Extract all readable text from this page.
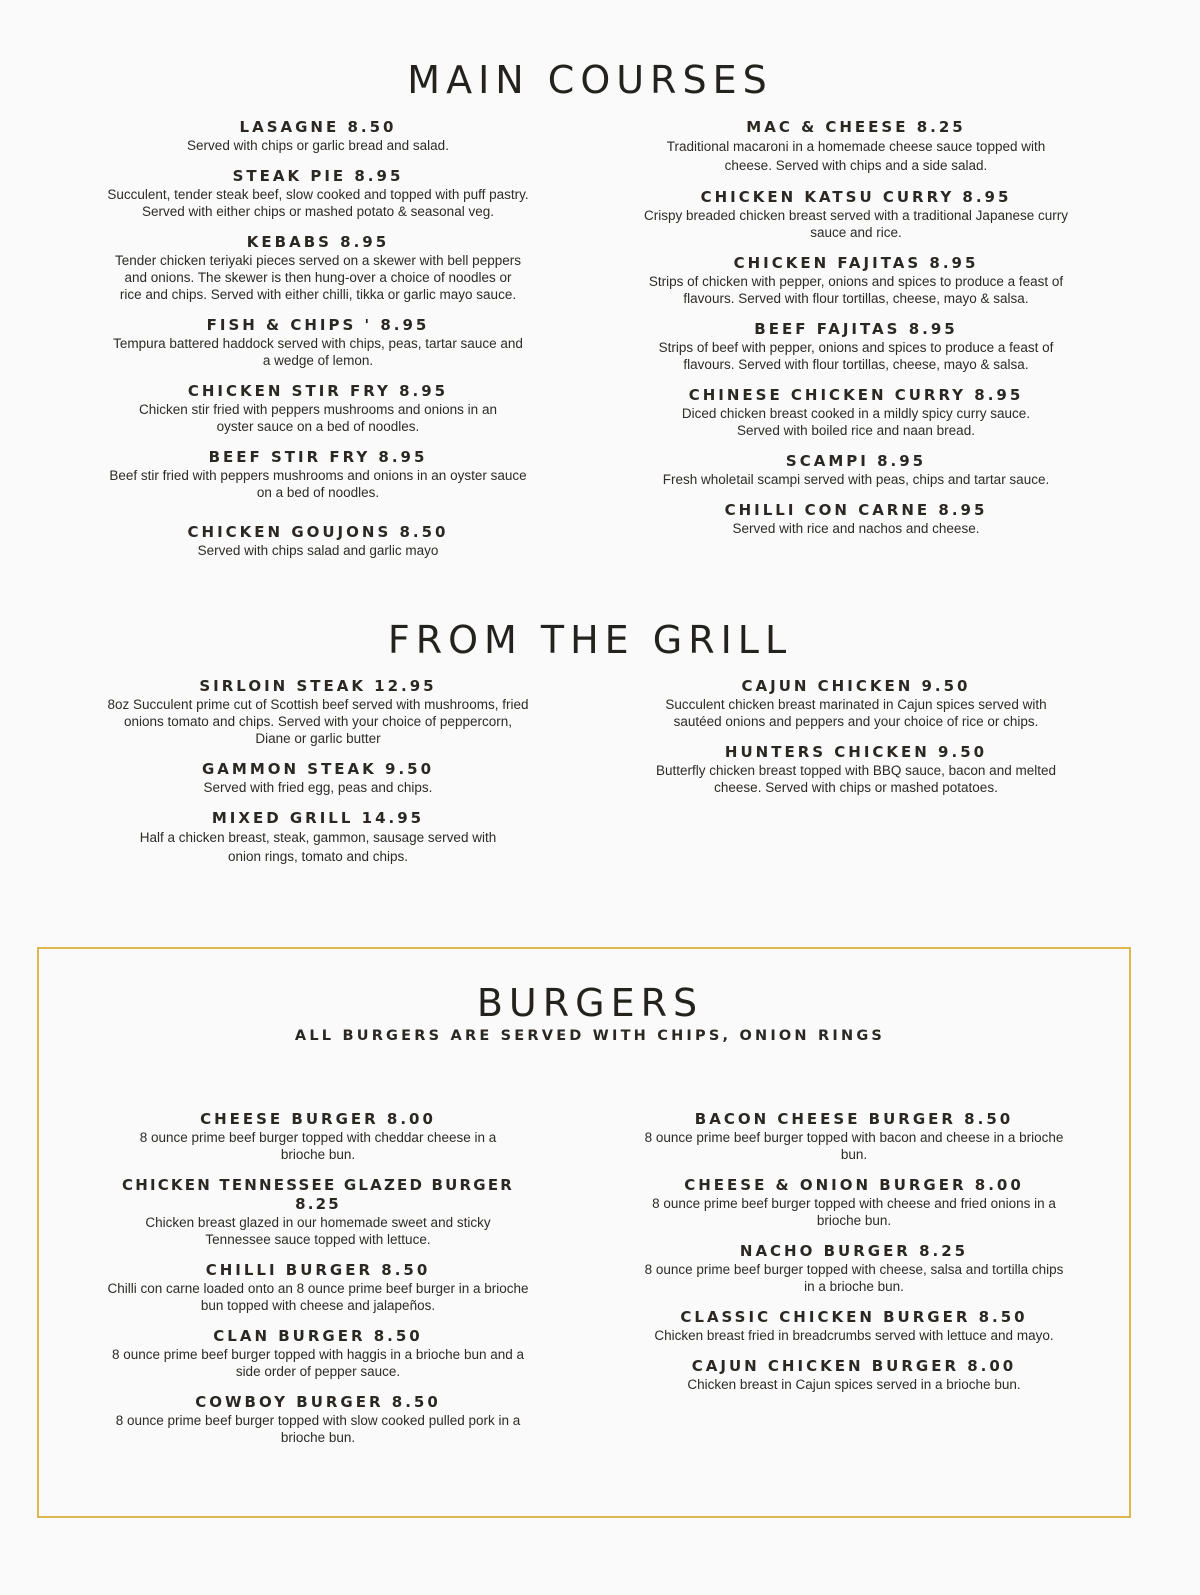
MAIN COURSES
LASAGNE 8.50
Served with chips or garlic bread and salad.
STEAK PIE 8.95
Succulent, tender steak beef, slow cooked and topped with puff pastry. Served with either chips or mashed potato & seasonal veg.
KEBABS 8.95
Tender chicken teriyaki pieces served on a skewer with bell peppers and onions. The skewer is then hung-over a choice of noodles or rice and chips. Served with either chilli, tikka or garlic mayo sauce.
FISH & CHIPS ' 8.95
Tempura battered haddock served with chips, peas, tartar sauce and a wedge of lemon.
CHICKEN STIR FRY 8.95
Chicken stir fried with peppers mushrooms and onions in an oyster sauce on a bed of noodles.
BEEF STIR FRY 8.95
Beef stir fried with peppers mushrooms and onions in an oyster sauce on a bed of noodles.
CHICKEN GOUJONS 8.50
Served with chips salad and garlic mayo
MAC & CHEESE 8.25
Traditional macaroni in a homemade cheese sauce topped with cheese. Served with chips and a side salad.
CHICKEN KATSU CURRY 8.95
Crispy breaded chicken breast served with a traditional Japanese curry sauce and rice.
CHICKEN FAJITAS 8.95
Strips of chicken with pepper, onions and spices to produce a feast of flavours. Served with flour tortillas, cheese, mayo & salsa.
BEEF FAJITAS 8.95
Strips of beef with pepper, onions and spices to produce a feast of flavours. Served with flour tortillas, cheese, mayo & salsa.
CHINESE CHICKEN CURRY 8.95
Diced chicken breast cooked in a mildly spicy curry sauce. Served with boiled rice and naan bread.
SCAMPI 8.95
Fresh wholetail scampi served with peas, chips and tartar sauce.
CHILLI CON CARNE 8.95
Served with rice and nachos and cheese.
FROM THE GRILL
SIRLOIN STEAK 12.95
8oz Succulent prime cut of Scottish beef served with mushrooms, fried onions tomato and chips. Served with your choice of peppercorn, Diane or garlic butter
GAMMON STEAK 9.50
Served with fried egg, peas and chips.
MIXED GRILL 14.95
Half a chicken breast, steak, gammon, sausage served with onion rings, tomato and chips.
CAJUN CHICKEN 9.50
Succulent chicken breast marinated in Cajun spices served with sautéed onions and peppers and your choice of rice or chips.
HUNTERS CHICKEN 9.50
Butterfly chicken breast topped with BBQ sauce, bacon and melted cheese. Served with chips or mashed potatoes.
BURGERS
ALL BURGERS ARE SERVED WITH CHIPS, ONION RINGS
CHEESE BURGER 8.00
8 ounce prime beef burger topped with cheddar cheese in a brioche bun.
CHICKEN TENNESSEE GLAZED BURGER 8.25
Chicken breast glazed in our homemade sweet and sticky Tennessee sauce topped with lettuce.
CHILLI BURGER 8.50
Chilli con carne loaded onto an 8 ounce prime beef burger in a brioche bun topped with cheese and jalapeños.
CLAN BURGER 8.50
8 ounce prime beef burger topped with haggis in a brioche bun and a side order of pepper sauce.
COWBOY BURGER 8.50
8 ounce prime beef burger topped with slow cooked pulled pork in a brioche bun.
BACON CHEESE BURGER 8.50
8 ounce prime beef burger topped with bacon and cheese in a brioche bun.
CHEESE & ONION BURGER 8.00
8 ounce prime beef burger topped with cheese and fried onions in a brioche bun.
NACHO BURGER 8.25
8 ounce prime beef burger topped with cheese, salsa and tortilla chips in a brioche bun.
CLASSIC CHICKEN BURGER 8.50
Chicken breast fried in breadcrumbs served with lettuce and mayo.
CAJUN CHICKEN BURGER 8.00
Chicken breast in Cajun spices served in a brioche bun.
